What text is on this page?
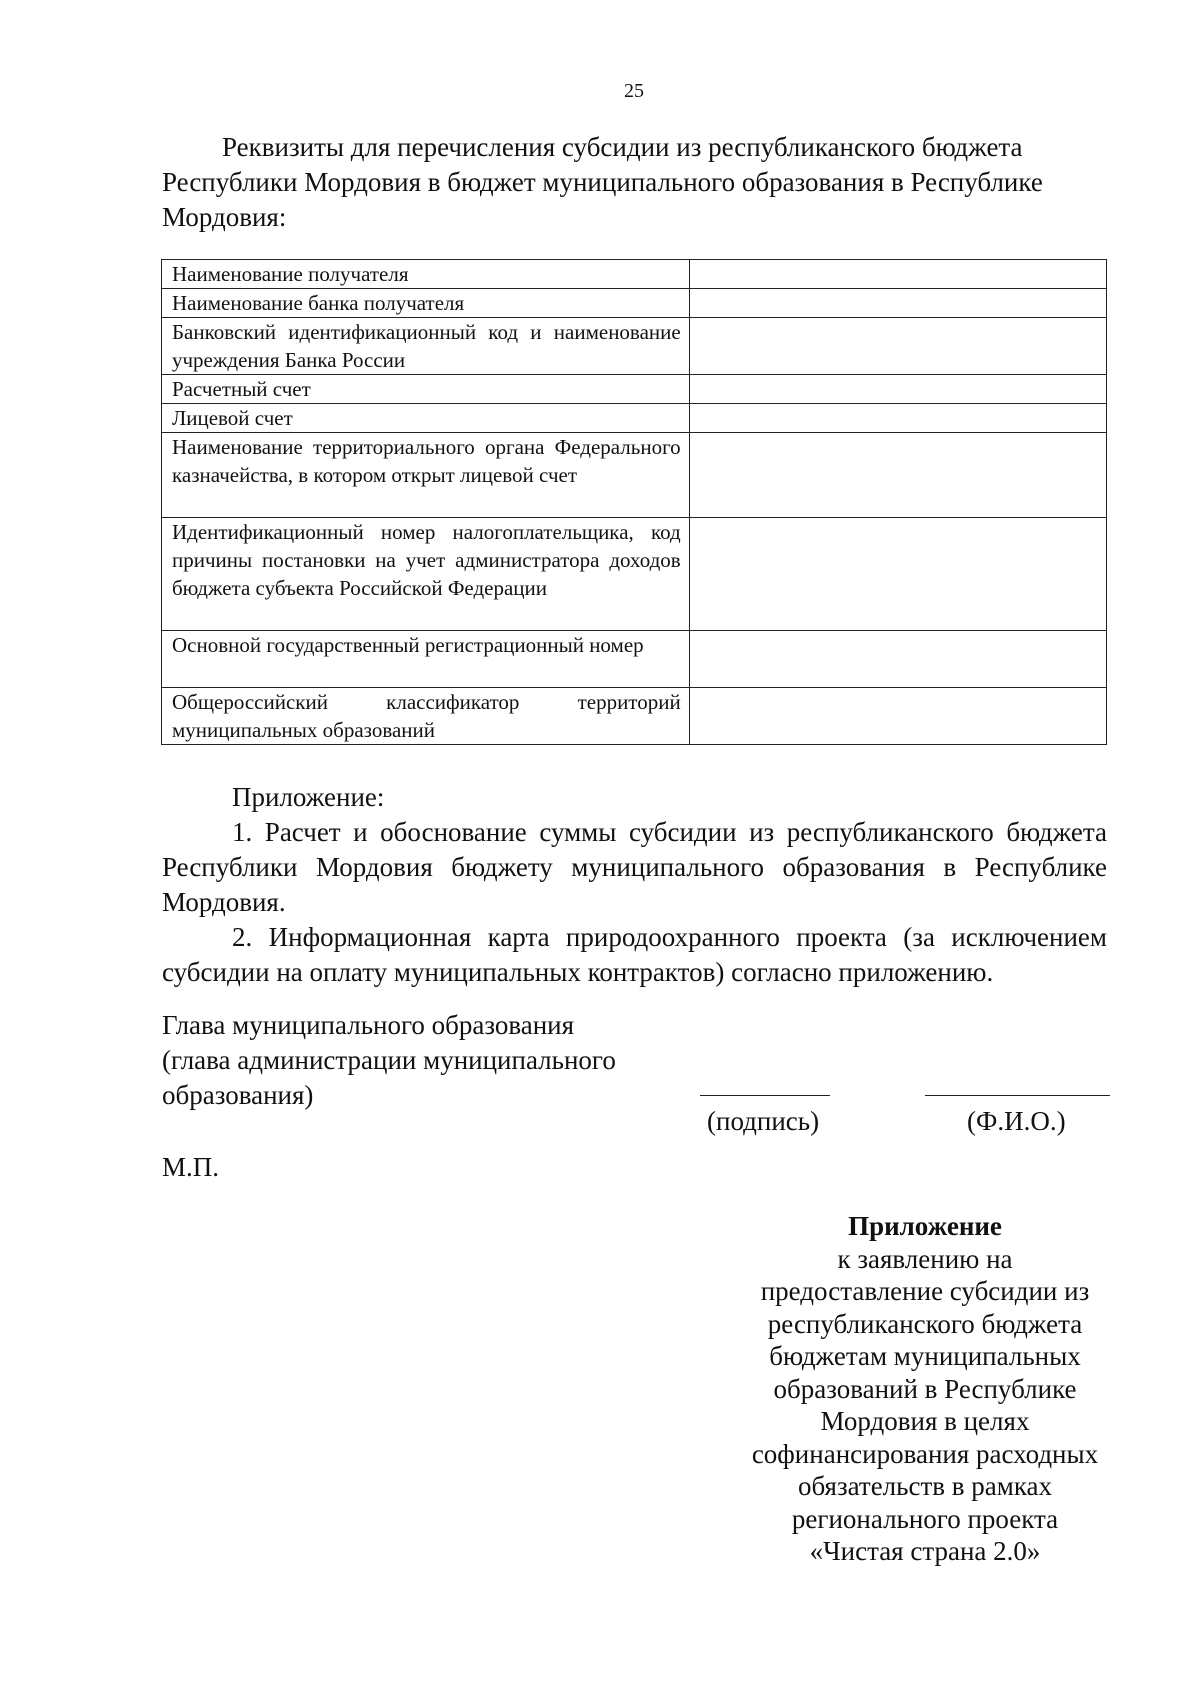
25
Реквизиты для перечисления субсидии из республиканского бюджета
Республики Мордовия в бюджет муниципального образования в Республике
Мордовия:
Наименование получателя	
Наименование банка получателя	
Банковский идентификационный код и наименование учреждения Банка России	
Расчетный счет	
Лицевой счет	
Наименование территориального органа Федерального казначейства, в котором открыт лицевой счет	
Идентификационный номер налогоплательщика, код причины постановки на учет администратора доходов бюджета субъекта Российской Федерации	
Основной государственный регистрационный номер	
Общероссийский классификатор территорий муниципальных образований	
Приложение:
1. Расчет и обоснование суммы субсидии из республиканского бюджета Республики Мордовия бюджету муниципального образования в Республике Мордовия.
2. Информационная карта природоохранного проекта (за исключением субсидии на оплату муниципальных контрактов) согласно приложению.
Глава муниципального образования
(глава администрации муниципального
образования)
(подпись)	(Ф.И.О.)
М.П.
Приложение
к заявлению на
предоставление субсидии из
республиканского бюджета
бюджетам муниципальных
образований в Республике
Мордовия в целях
софинансирования расходных
обязательств в рамках
регионального проекта
«Чистая страна 2.0»
